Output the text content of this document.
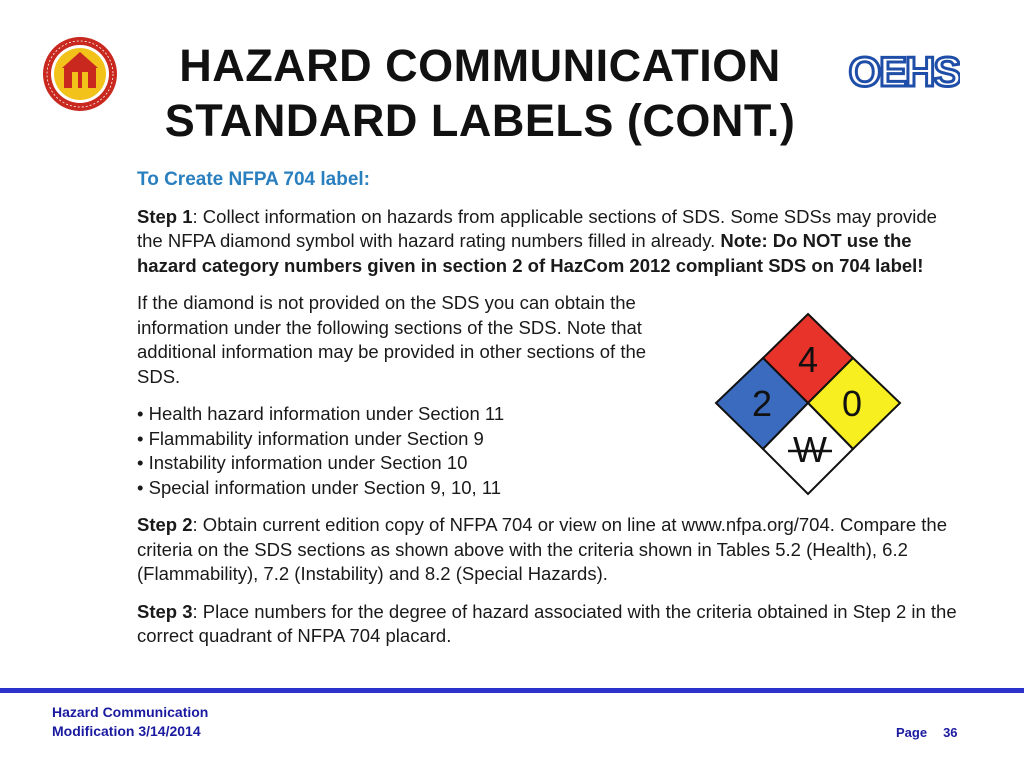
HAZARD COMMUNICATION
STANDARD LABELS (CONT.)
OEHS
To Create NFPA 704 label:

Step 1: Collect information on hazards from applicable sections of SDS. Some SDSs may provide the NFPA diamond symbol with hazard rating numbers filled in already. Note: Do NOT use the hazard category numbers given in section 2 of HazCom 2012 compliant SDS on 704 label!

If the diamond is not provided on the SDS you can obtain the information under the following sections of the SDS. Note that additional information may be provided in other sections of the SDS.

• Health hazard information under Section 11
• Flammability information under Section 9
• Instability information under Section 10
• Special information under Section 9, 10, 11

Step 2: Obtain current edition copy of NFPA 704 or view on line at www.nfpa.org/704. Compare the criteria on the SDS sections as shown above with the criteria shown in Tables 5.2 (Health), 6.2 (Flammability), 7.2 (Instability) and 8.2 (Special Hazards).

Step 3: Place numbers for the degree of hazard associated with the criteria obtained in Step 2 in the correct quadrant of NFPA 704 placard.

4
2 0
W
Hazard Communication
Modification 3/14/2014	Page 36
